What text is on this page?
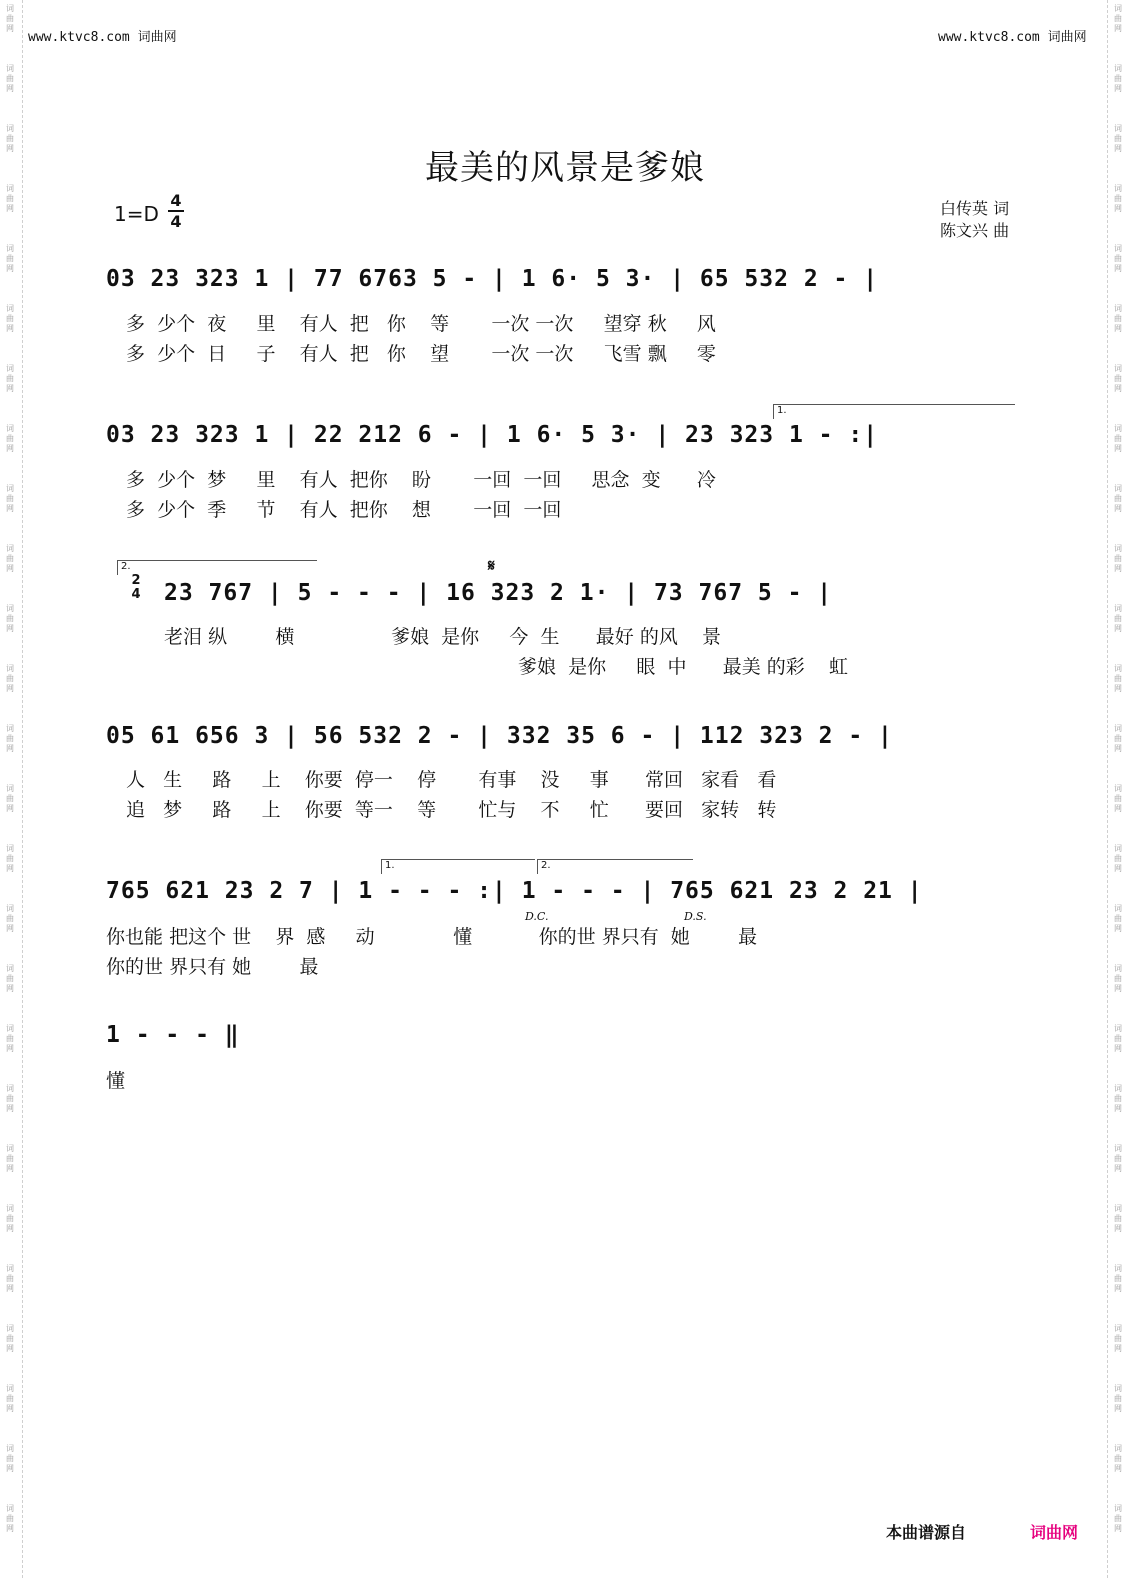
词曲网
词曲网
词曲网
词曲网
词曲网
词曲网
词曲网
词曲网
词曲网
词曲网
词曲网
词曲网
词曲网
词曲网
词曲网
词曲网
词曲网
词曲网
词曲网
词曲网
词曲网
词曲网
词曲网
词曲网
词曲网
词曲网
词曲网
词曲网
词曲网
词曲网
词曲网
词曲网
词曲网
词曲网
词曲网
词曲网
词曲网
词曲网
词曲网
词曲网
词曲网
词曲网
词曲网
词曲网
词曲网
词曲网
词曲网
词曲网
词曲网
词曲网
词曲网
词曲网
www.ktvc8.com 词曲网	www.ktvc8.com 词曲网
最美的风景是爹娘
白传英 词
陈文兴 曲
1=D
4
4
03 23 323 1 | 77 6763 5 - | 1 6· 5 3· | 65 532 2 - |
多 少个 夜 里 有人 把 你 等 一次 一次 望穿 秋 风
多 少个 日 子 有人 把 你 望 一次 一次 飞雪 飘 零
1.
03 23 323 1 | 22 212 6 - | 1 6· 5 3· | 23 323 1 - :|
多 少个 梦 里 有人 把你 盼 一回 一回 思念 变 冷
多 少个 季 节 有人 把你 想 一回 一回
2.
2
4
𝄋
23 767 | 5 - - - | 16 323 2 1· | 73 767 5 - |
老泪 纵	横	爹娘 是你 今 生 最好 的风 景
爹娘 是你 眼 中 最美 的彩 虹
05 61 656 3 | 56 532 2 - | 332 35 6 - | 112 323 2 - |
人 生 路 上 你要 停一 停 有事 没 事 常回 家看 看
追 梦 路 上 你要 等一 等 忙与 不 忙 要回 家转 转
1.	2.
765 621 23 2 7 | 1 - - - :| 1 - - - | 765 621 23 2 21 |
D.C.	D.S.
你也能 把这个 世 界 感 动	懂	你的世 界只有 她	最
你的世 界只有 她	最
1 - - - ‖
懂
本曲谱源自	词曲网
